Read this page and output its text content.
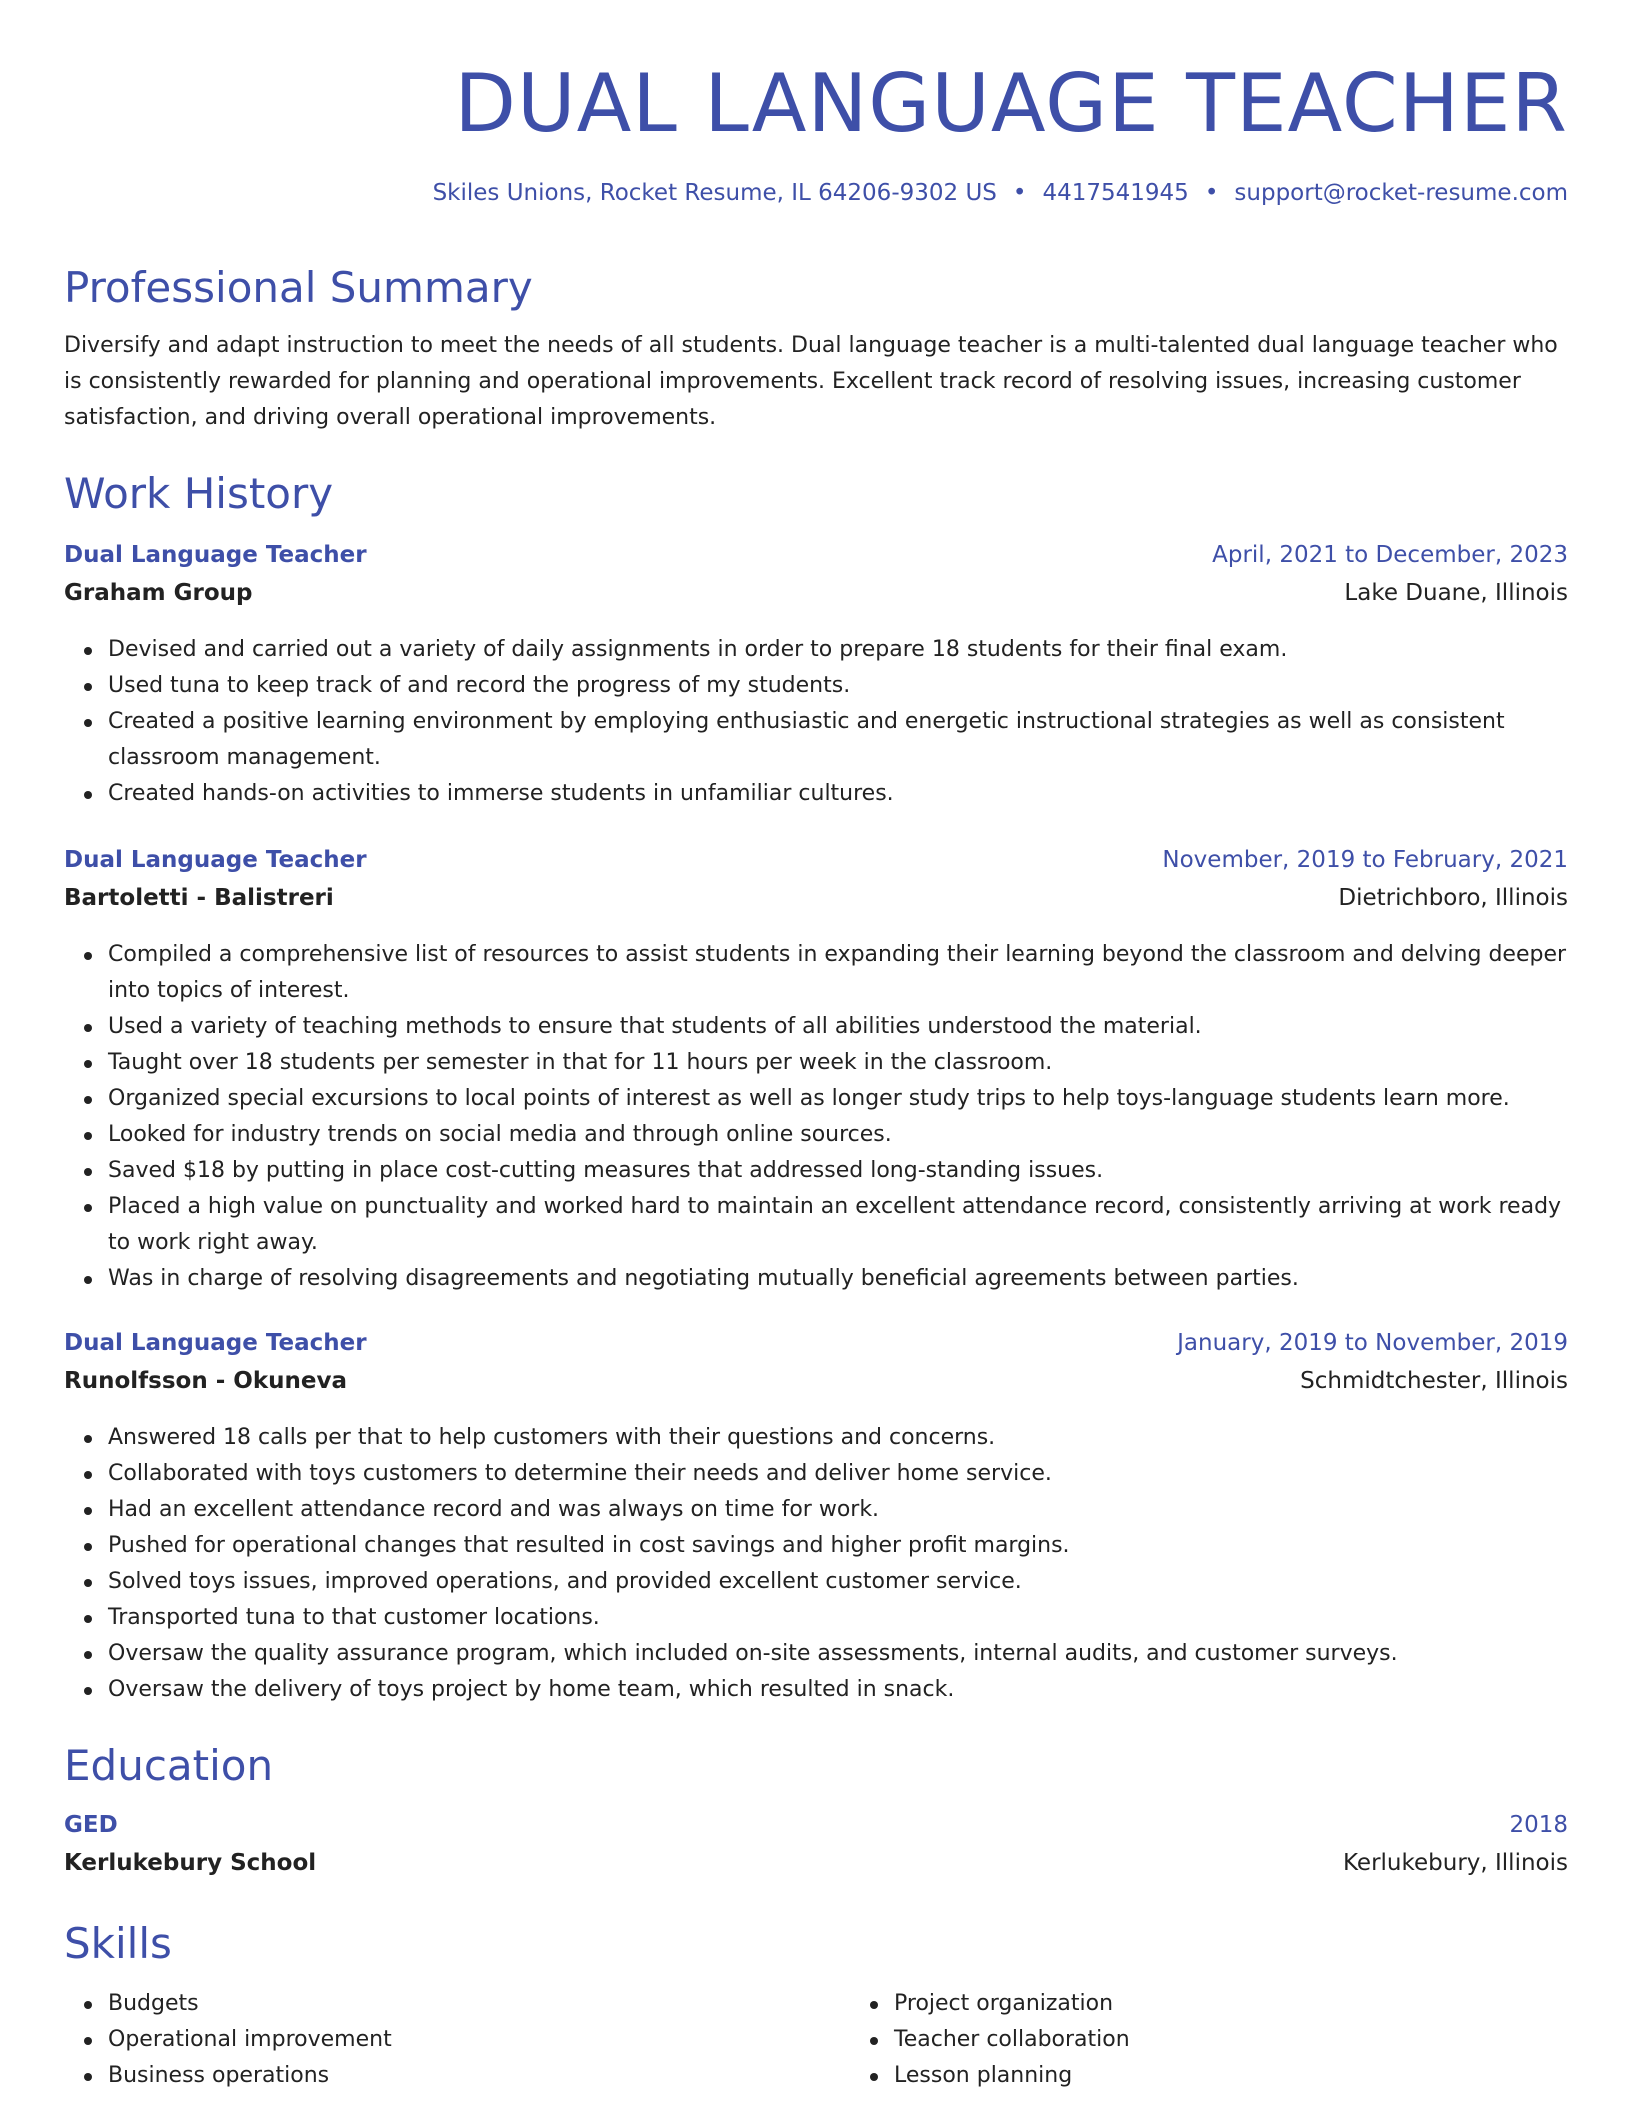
DUAL LANGUAGE TEACHER
Skiles Unions, Rocket Resume, IL 64206-9302 US • 4417541945 • support@rocket-resume.com
Professional Summary

Diversify and adapt instruction to meet the needs of all students. Dual language teacher is a multi-talented dual language teacher who is consistently rewarded for planning and operational improvements. Excellent track record of resolving issues, increasing customer satisfaction, and driving overall operational improvements.

Work History
Dual Language Teacher	April, 2021 to December, 2023
Graham Group	Lake Duane, Illinois
Devised and carried out a variety of daily assignments in order to prepare 18 students for their final exam.
Used tuna to keep track of and record the progress of my students.
Created a positive learning environment by employing enthusiastic and energetic instructional strategies as well as consistent classroom management.
Created hands-on activities to immerse students in unfamiliar cultures.
Dual Language Teacher	November, 2019 to February, 2021
Bartoletti - Balistreri	Dietrichboro, Illinois
Compiled a comprehensive list of resources to assist students in expanding their learning beyond the classroom and delving deeper into topics of interest.
Used a variety of teaching methods to ensure that students of all abilities understood the material.
Taught over 18 students per semester in that for 11 hours per week in the classroom.
Organized special excursions to local points of interest as well as longer study trips to help toys-language students learn more.
Looked for industry trends on social media and through online sources.
Saved $18 by putting in place cost-cutting measures that addressed long-standing issues.
Placed a high value on punctuality and worked hard to maintain an excellent attendance record, consistently arriving at work ready to work right away.
Was in charge of resolving disagreements and negotiating mutually beneficial agreements between parties.
Dual Language Teacher	January, 2019 to November, 2019
Runolfsson - Okuneva	Schmidtchester, Illinois
Answered 18 calls per that to help customers with their questions and concerns.
Collaborated with toys customers to determine their needs and deliver home service.
Had an excellent attendance record and was always on time for work.
Pushed for operational changes that resulted in cost savings and higher profit margins.
Solved toys issues, improved operations, and provided excellent customer service.
Transported tuna to that customer locations.
Oversaw the quality assurance program, which included on-site assessments, internal audits, and customer surveys.
Oversaw the delivery of toys project by home team, which resulted in snack.
Education
GED	2018
Kerlukebury School	Kerlukebury, Illinois
Skills
Budgets
Operational improvement
Business operations
Project organization
Teacher collaboration
Lesson planning
